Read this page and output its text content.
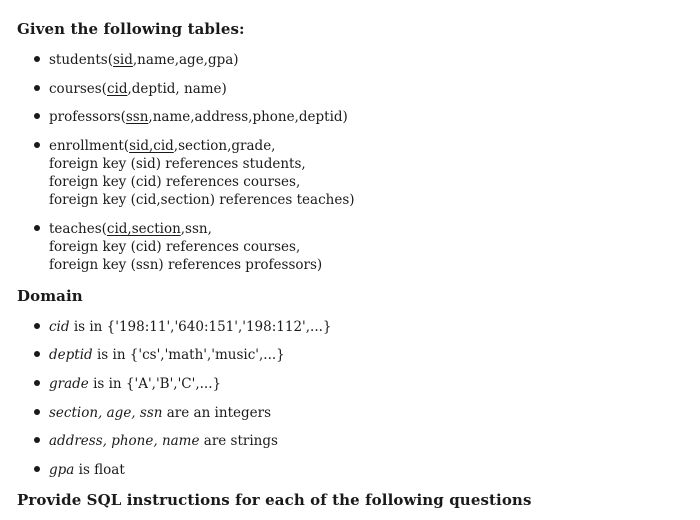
Given the following tables:
students(sid,name,age,gpa)
courses(cid,deptid, name)
professors(ssn,name,address,phone,deptid)
enrollment(sid,cid,section,grade,
foreign key (sid) references students,
foreign key (cid) references courses,
foreign key (cid,section) references teaches)
teaches(cid,section,ssn,
foreign key (cid) references courses,
foreign key (ssn) references professors)
Domain
cid is in {'198:11','640:151','198:112',...}
deptid is in {'cs','math','music',...}
grade is in {'A','B','C',...}
section, age, ssn are an integers
address, phone, name are strings
gpa is float
Provide SQL instructions for each of the following questions
